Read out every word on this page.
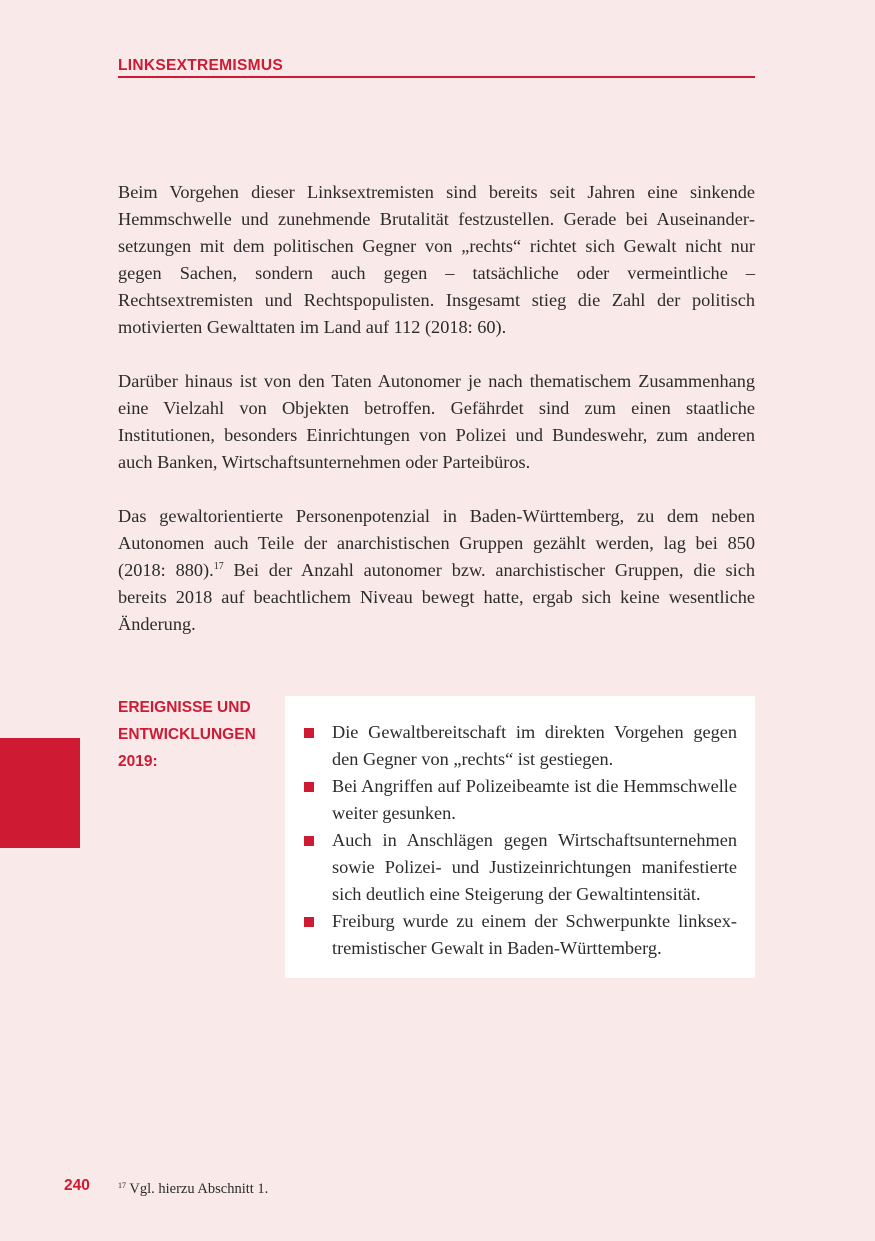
LINKSEXTREMISMUS

Beim Vorgehen dieser Linksextremisten sind bereits seit Jahren eine sinkende Hemmschwelle und zunehmende Brutalität festzustellen. Gerade bei Auseinandersetzungen mit dem politischen Gegner von „rechts“ richtet sich Gewalt nicht nur gegen Sachen, sondern auch gegen – tatsächliche oder vermeintliche – Rechtsextremisten und Rechtspopulisten. Insgesamt stieg die Zahl der politisch motivierten Gewalttaten im Land auf 112 (2018: 60).

Darüber hinaus ist von den Taten Autonomer je nach thematischem Zusammenhang eine Vielzahl von Objekten betroffen. Gefährdet sind zum einen staatliche Institutionen, besonders Einrichtungen von Polizei und Bundeswehr, zum anderen auch Banken, Wirtschaftsunternehmen oder Parteibüros.

Das gewaltorientierte Personenpotenzial in Baden-Württemberg, zu dem neben Autonomen auch Teile der anarchistischen Gruppen gezählt werden, lag bei 850 (2018: 880).$^{17}$ Bei der Anzahl autonomer bzw. anarchistischer Gruppen, die sich bereits 2018 auf beachtlichem Niveau bewegt hatte, ergab sich keine wesentliche Änderung.

EREIGNISSE UND
ENTWICKLUNGEN
2019:
Die Gewaltbereitschaft im direkten Vorgehen gegen den Gegner von „rechts“ ist gestiegen.
Bei Angriffen auf Polizeibeamte ist die Hemmschwelle weiter gesunken.
Auch in Anschlägen gegen Wirtschaftsunternehmen sowie Polizei- und Justizeinrichtungen manifestierte sich deutlich eine Steigerung der Gewaltintensität.
Freiburg wurde zu einem der Schwerpunkte linksextremistischer Gewalt in Baden-Württemberg.
240	$^{17}$ Vgl. hierzu Abschnitt 1.
